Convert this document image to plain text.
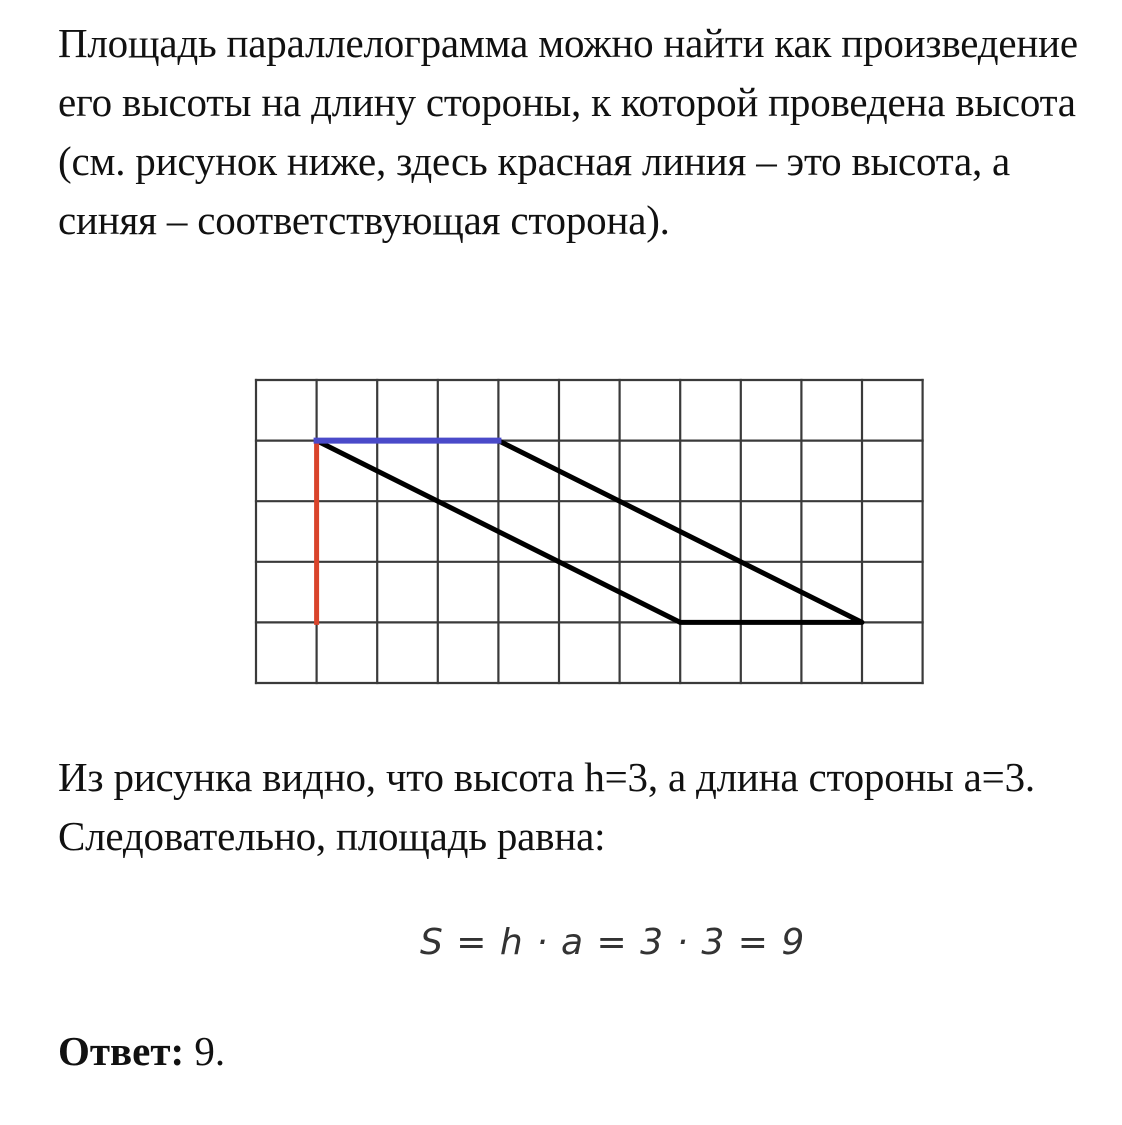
Площадь параллелограмма можно найти как произведение его высоты на длину стороны, к которой проведена высота (см. рисунок ниже, здесь красная линия – это высота, а синяя – соответствующая сторона).

Из рисунка видно, что высота h=3, а длина стороны a=3. Следовательно, площадь равна:

S = h · a = 3 · 3 = 9

Ответ: 9.
